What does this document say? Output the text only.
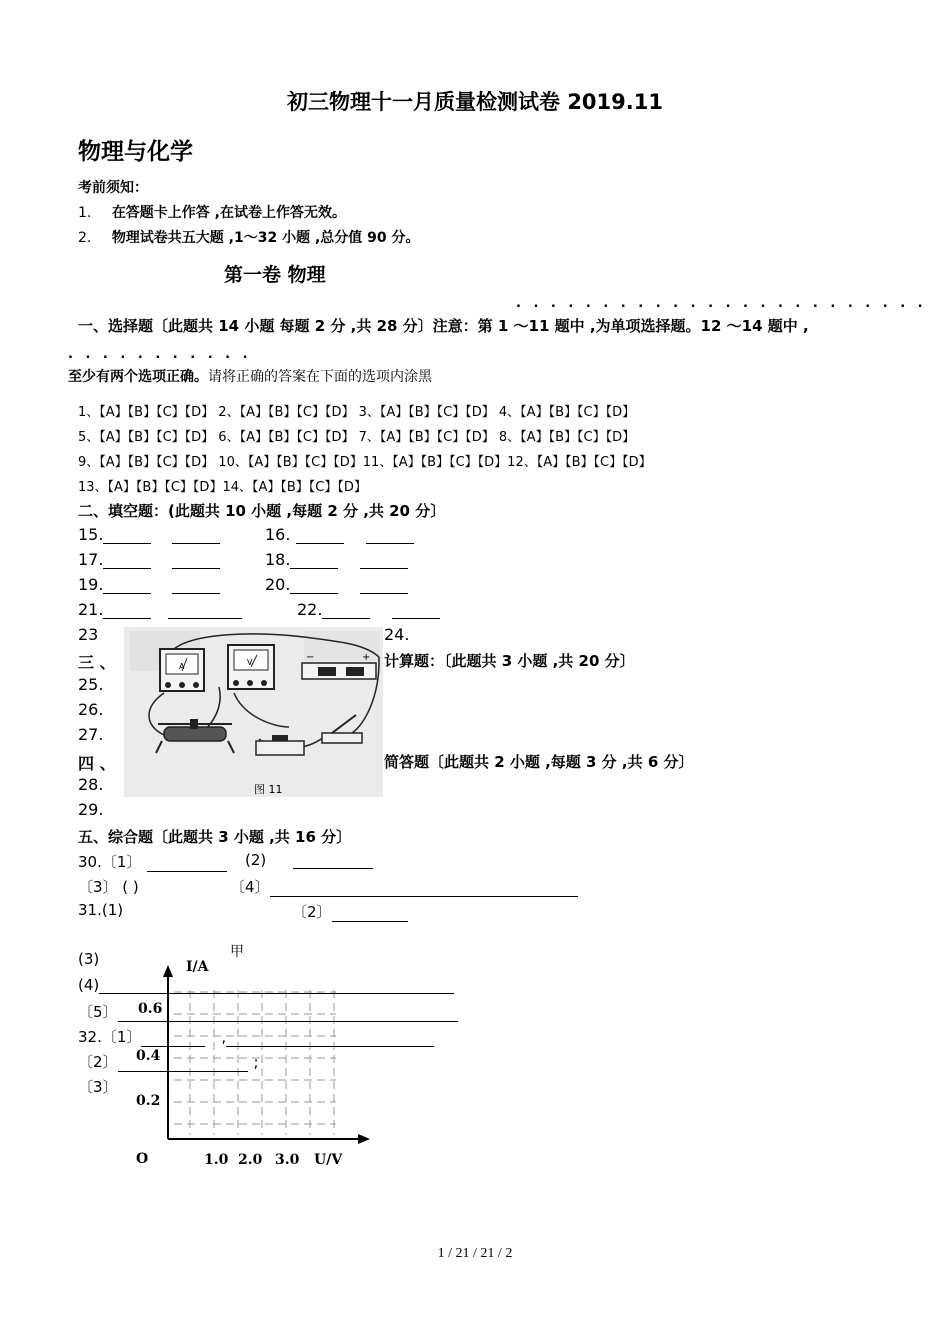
初三物理十一月质量检测试卷 2019.11
物理与化学
考前须知：
1. 在答题卡上作答 ,在试卷上作答无效。
2. 物理试卷共五大题 ,1～32 小题 ,总分值 90 分。
第一卷 物理
. . . . . . . . . . . . . . . . . . . . . . . .
一、选择题〔此题共 14 小题 每题 2 分 ,共 28 分〕注意：第 1 ～11 题中 ,为单项选择题。12 ～14 题中 ,
. . . . . . . . . . .
至少有两个选项正确。请将正确的答案在下面的选项内涂黑
1、【A】【B】【C】【D】 2、【A】【B】【C】【D】 3、【A】【B】【C】【D】 4、【A】【B】【C】【D】
5、【A】【B】【C】【D】 6、【A】【B】【C】【D】 7、【A】【B】【C】【D】 8、【A】【B】【C】【D】
9、【A】【B】【C】【D】 10、【A】【B】【C】【D】11、【A】【B】【C】【D】12、【A】【B】【C】【D】
13、【A】【B】【C】【D】14、【A】【B】【C】【D】
二、填空题：(此题共 10 小题 ,每题 2 分 ,共 20 分〕
15.	16.
17.	18.
19.	20.
21.	22.
23	24.
三 、	计算题：〔此题共 3 小题 ,共 20 分〕
25.
26.
27.
四 、	简答题〔此题共 2 小题 ,每题 3 分 ,共 6 分〕
28.
29.
A	V	−	+
图 11
五、综合题〔此题共 3 小题 ,共 16 分〕
30.〔1〕	(2)
〔3〕 ( )	〔4〕
31.(1)	〔2〕
甲
I/A
0.6
0.4
0.2
O	1.0 2.0 3.0 U/V
(3)
(4)
〔5〕
32.〔1〕	,
〔2〕	;
〔3〕
1 / 21 / 21 / 2
